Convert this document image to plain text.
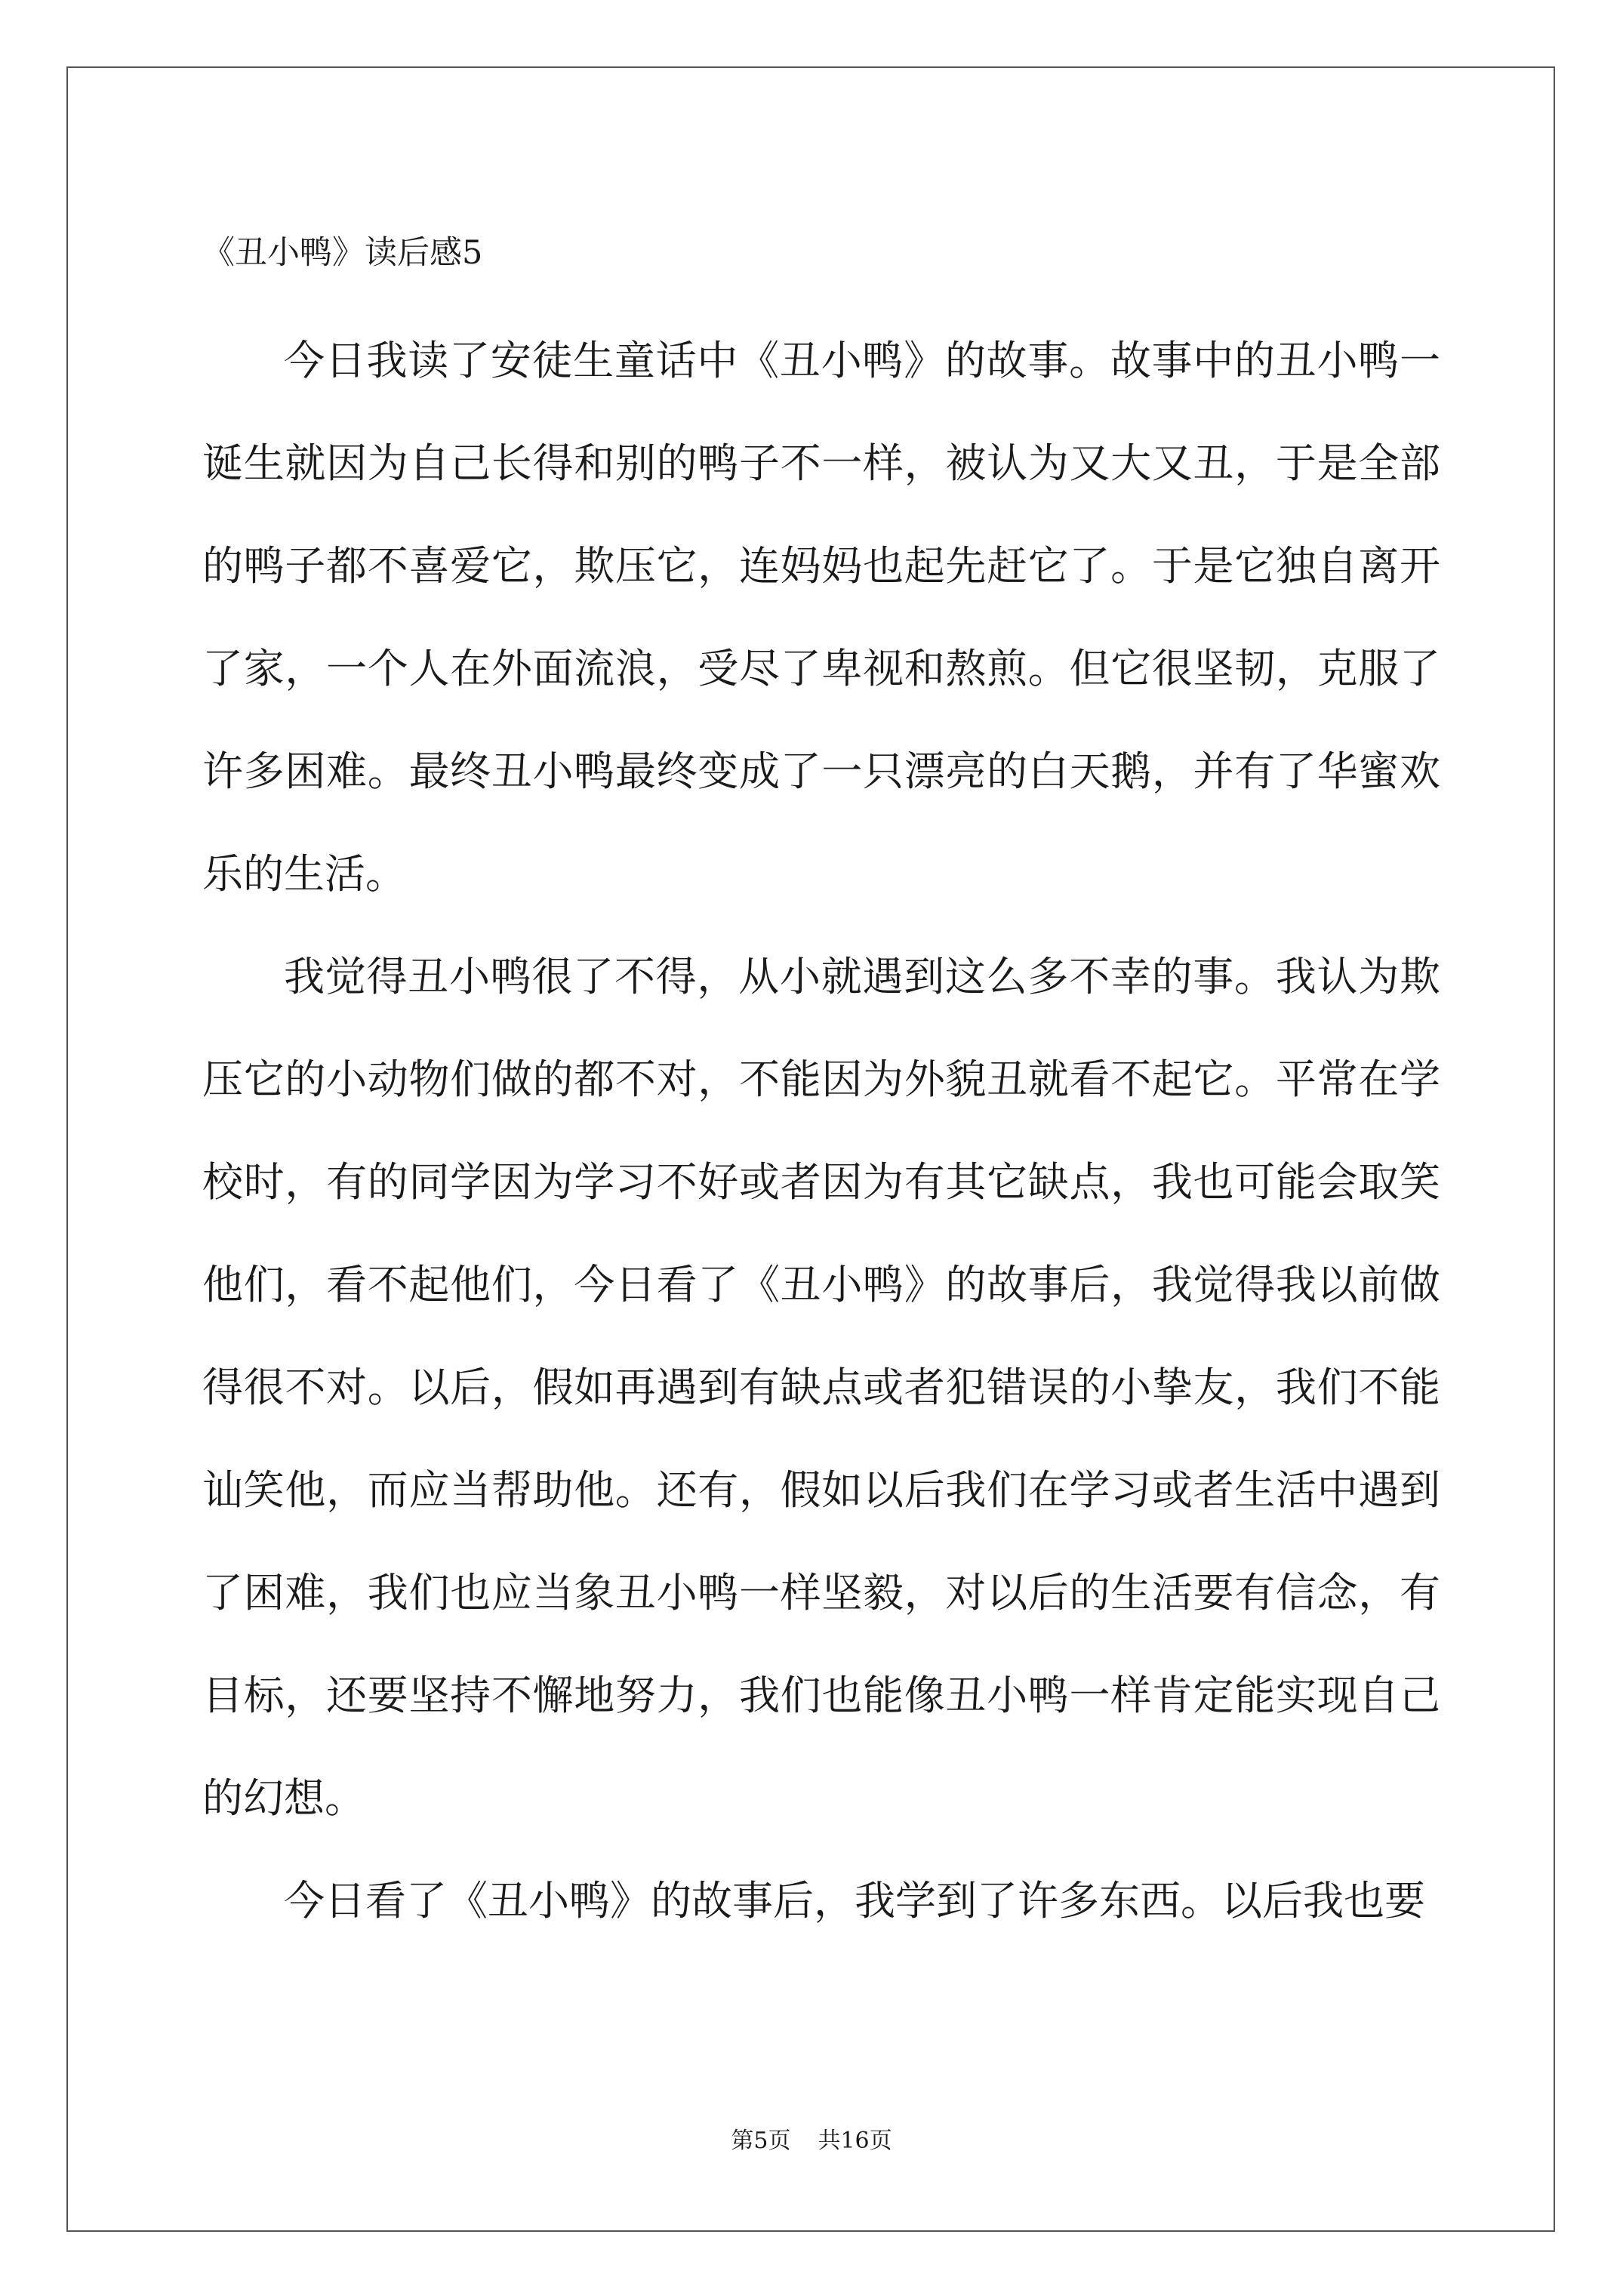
《丑小鸭》读后感5

今日我读了安徒生童话中《丑小鸭》的故事。故事中的丑小鸭一诞生就因为自己长得和别的鸭子不一样，被认为又大又丑，于是全部的鸭子都不喜爱它，欺压它，连妈妈也起先赶它了。于是它独自离开了家，一个人在外面流浪，受尽了卑视和熬煎。但它很坚韧，克服了许多困难。最终丑小鸭最终变成了一只漂亮的白天鹅，并有了华蜜欢乐的生活。

我觉得丑小鸭很了不得，从小就遇到这么多不幸的事。我认为欺压它的小动物们做的都不对，不能因为外貌丑就看不起它。平常在学校时，有的同学因为学习不好或者因为有其它缺点，我也可能会取笑他们，看不起他们，今日看了《丑小鸭》的故事后，我觉得我以前做得很不对。以后，假如再遇到有缺点或者犯错误的小挚友，我们不能讪笑他，而应当帮助他。还有，假如以后我们在学习或者生活中遇到了困难，我们也应当象丑小鸭一样坚毅，对以后的生活要有信念，有目标，还要坚持不懈地努力，我们也能像丑小鸭一样肯定能实现自己的幻想。

今日看了《丑小鸭》的故事后，我学到了许多东西。以后我也要

第5页 共16页
